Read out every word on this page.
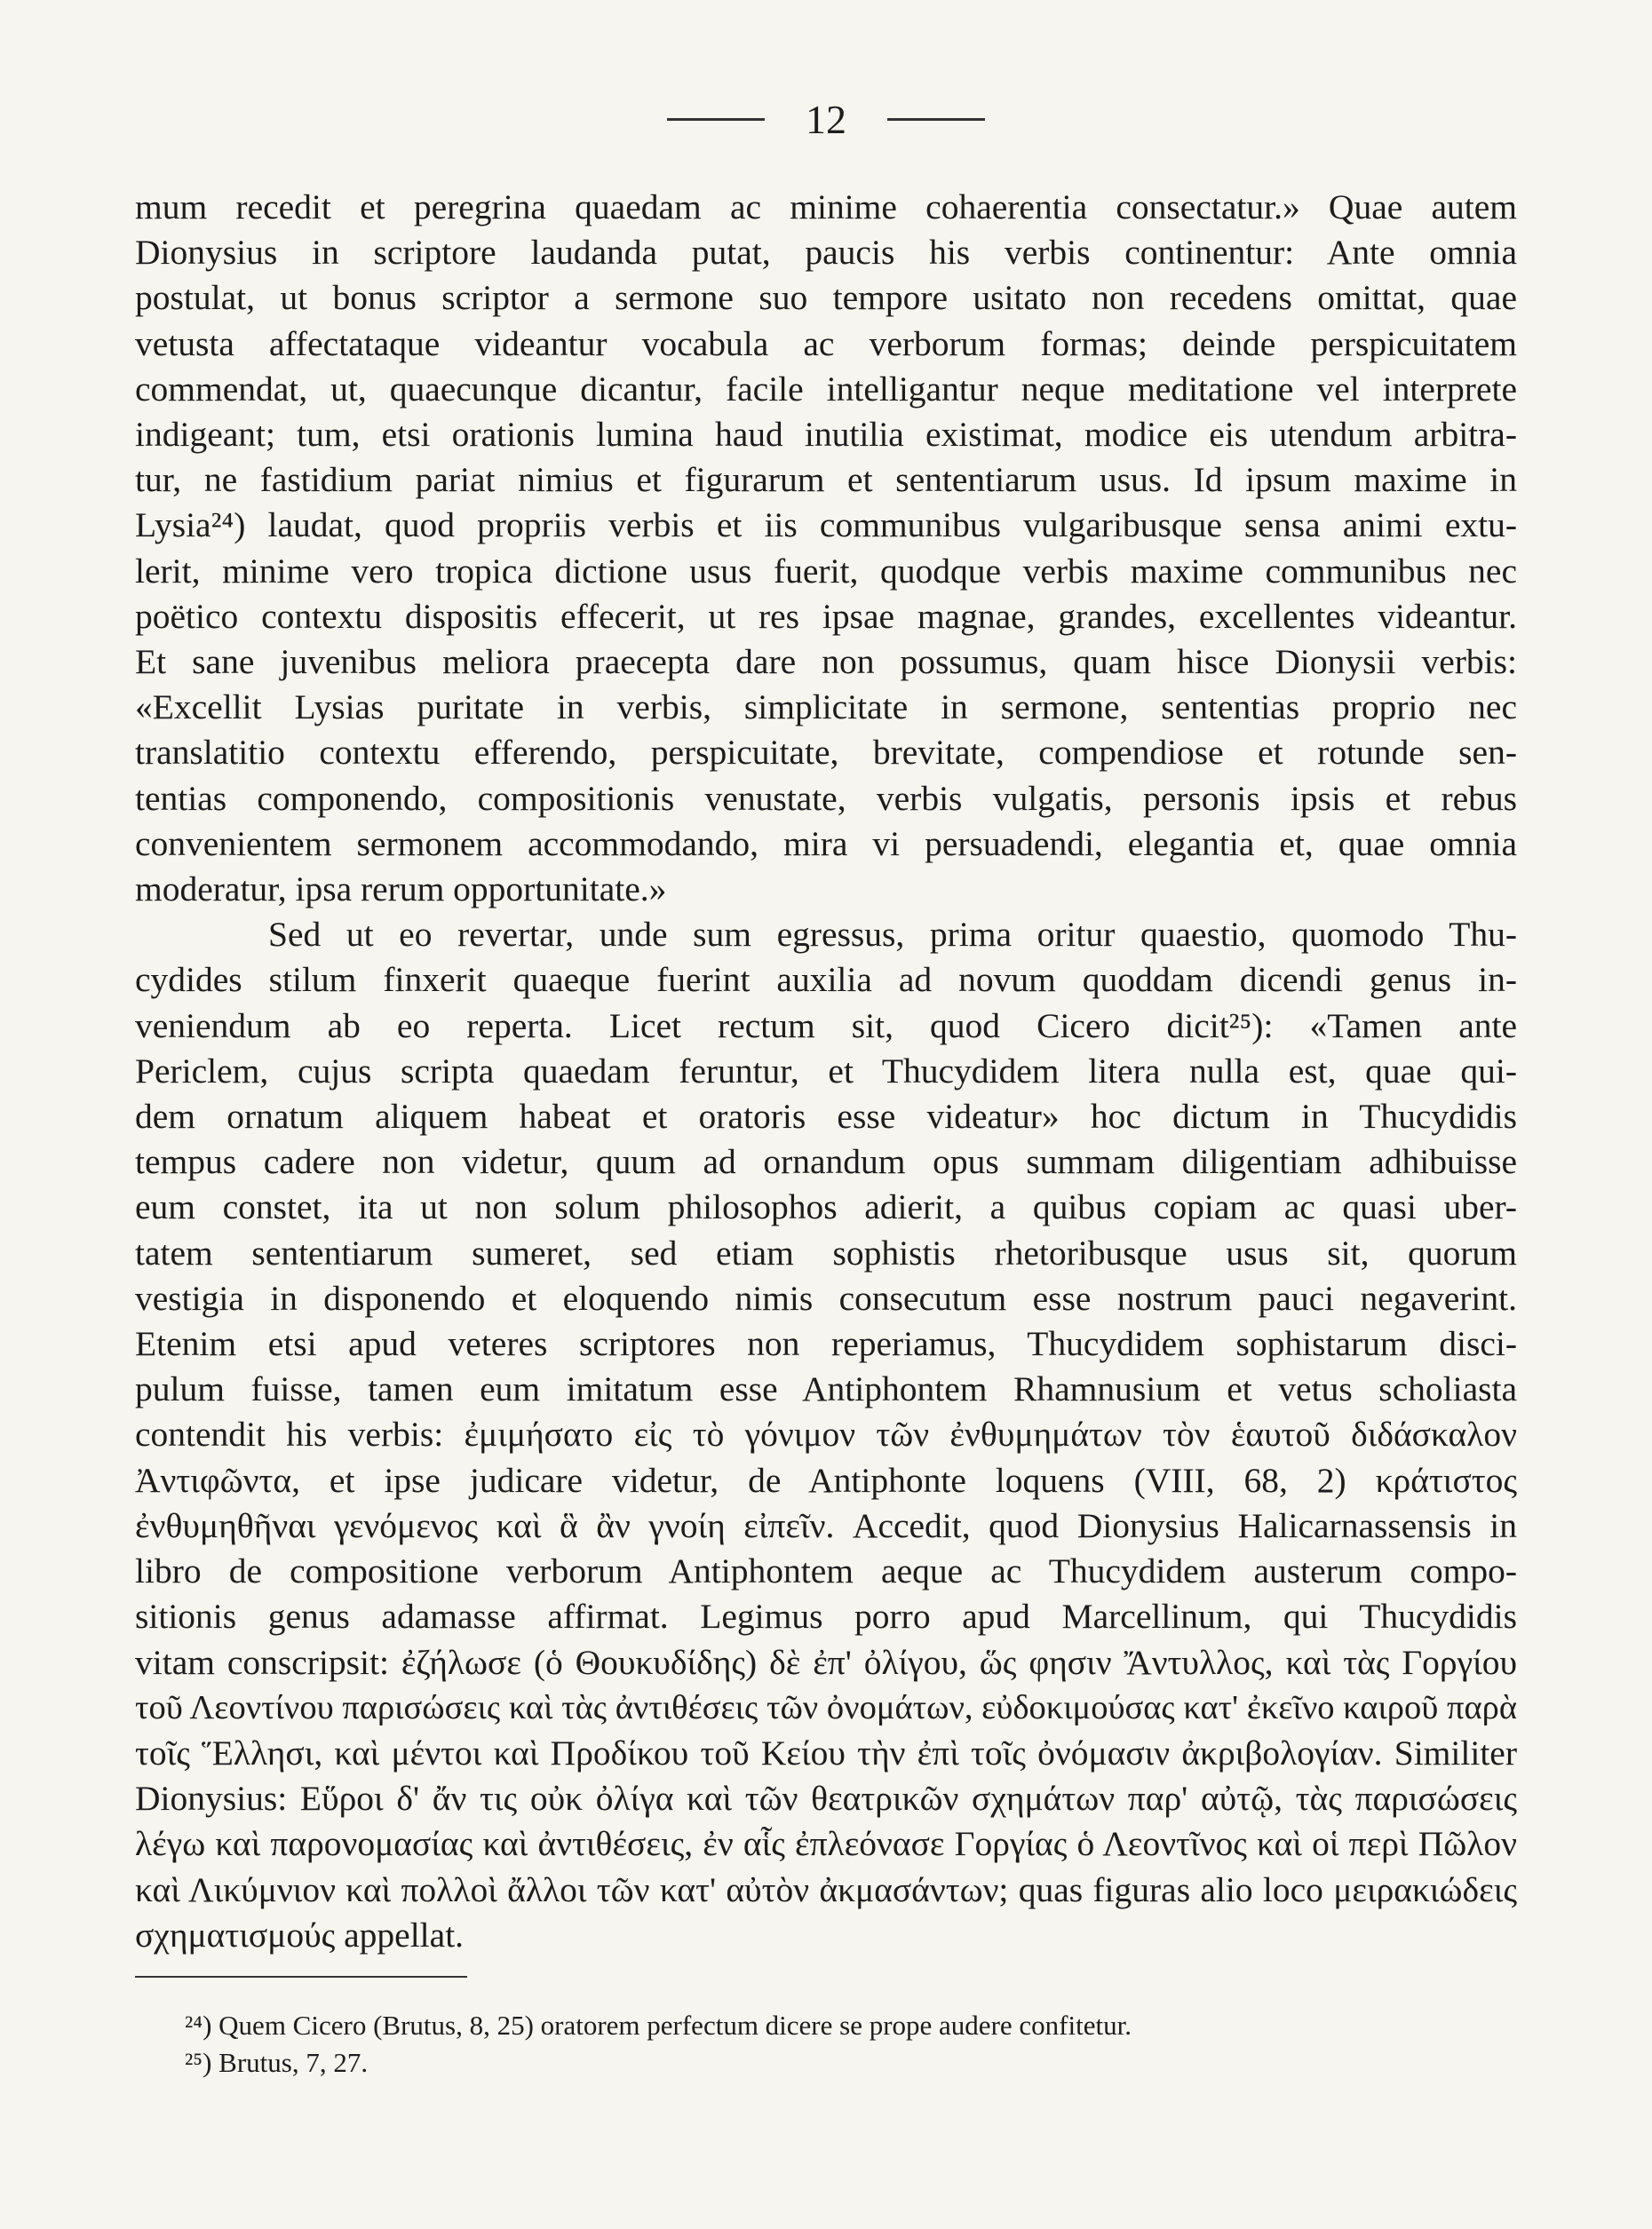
12
mum recedit et peregrina quaedam ac minime cohaerentia consectatur.» Quae autem
Dionysius in scriptore laudanda putat, paucis his verbis continentur: Ante omnia
postulat, ut bonus scriptor a sermone suo tempore usitato non recedens omittat, quae
vetusta affectataque videantur vocabula ac verborum formas; deinde perspicuitatem
commendat, ut, quaecunque dicantur, facile intelligantur neque meditatione vel interprete
indigeant; tum, etsi orationis lumina haud inutilia existimat, modice eis utendum arbitra-
tur, ne fastidium pariat nimius et figurarum et sententiarum usus. Id ipsum maxime in
Lysia²⁴) laudat, quod propriis verbis et iis communibus vulgaribusque sensa animi extu-
lerit, minime vero tropica dictione usus fuerit, quodque verbis maxime communibus nec
poëtico contextu dispositis effecerit, ut res ipsae magnae, grandes, excellentes videantur.
Et sane juvenibus meliora praecepta dare non possumus, quam hisce Dionysii verbis:
«Excellit Lysias puritate in verbis, simplicitate in sermone, sententias proprio nec
translatitio contextu efferendo, perspicuitate, brevitate, compendiose et rotunde sen-
tentias componendo, compositionis venustate, verbis vulgatis, personis ipsis et rebus
convenientem sermonem accommodando, mira vi persuadendi, elegantia et, quae omnia
moderatur, ipsa rerum opportunitate.»
Sed ut eo revertar, unde sum egressus, prima oritur quaestio, quomodo Thu-
cydides stilum finxerit quaeque fuerint auxilia ad novum quoddam dicendi genus in-
veniendum ab eo reperta. Licet rectum sit, quod Cicero dicit²⁵): «Tamen ante
Periclem, cujus scripta quaedam feruntur, et Thucydidem litera nulla est, quae qui-
dem ornatum aliquem habeat et oratoris esse videatur» hoc dictum in Thucydidis
tempus cadere non videtur, quum ad ornandum opus summam diligentiam adhibuisse
eum constet, ita ut non solum philosophos adierit, a quibus copiam ac quasi uber-
tatem sententiarum sumeret, sed etiam sophistis rhetoribusque usus sit, quorum
vestigia in disponendo et eloquendo nimis consecutum esse nostrum pauci negaverint.
Etenim etsi apud veteres scriptores non reperiamus, Thucydidem sophistarum disci-
pulum fuisse, tamen eum imitatum esse Antiphontem Rhamnusium et vetus scholiasta
contendit his verbis: ἐμιμήσατο εἰς τὸ γόνιμον τῶν ἐνθυμημάτων τὸν ἑαυτοῦ διδάσκαλον
Ἀντιφῶντα, et ipse judicare videtur, de Antiphonte loquens (VIII, 68, 2) κράτιστος
ἐνθυμηθῆναι γενόμενος καὶ ἃ ἂν γνοίη εἰπεῖν. Accedit, quod Dionysius Halicarnassensis in
libro de compositione verborum Antiphontem aeque ac Thucydidem austerum compo-
sitionis genus adamasse affirmat. Legimus porro apud Marcellinum, qui Thucydidis
vitam conscripsit: ἐζήλωσε (ὁ Θουκυδίδης) δὲ ἐπ' ὀλίγου, ὥς φησιν Ἄντυλλος, καὶ τὰς Γοργίου
τοῦ Λεοντίνου παρισώσεις καὶ τὰς ἀντιθέσεις τῶν ὀνομάτων, εὐδοκιμούσας κατ' ἐκεῖνο καιροῦ παρὰ
τοῖς Ἕλλησι, καὶ μέντοι καὶ Προδίκου τοῦ Κείου τὴν ἐπὶ τοῖς ὀνόμασιν ἀκριβολογίαν. Similiter
Dionysius: Εὕροι δ' ἄν τις οὐκ ὀλίγα καὶ τῶν θεατρικῶν σχημάτων παρ' αὐτῷ, τὰς παρισώσεις
λέγω καὶ παρονομασίας καὶ ἀντιθέσεις, ἐν αἷς ἐπλεόνασε Γοργίας ὁ Λεοντῖνος καὶ οἱ περὶ Πῶλον
καὶ Λικύμνιον καὶ πολλοὶ ἄλλοι τῶν κατ' αὐτὸν ἀκμασάντων; quas figuras alio loco μειρακιώδεις
σχηματισμούς appellat.
²⁴) Quem Cicero (Brutus, 8, 25) oratorem perfectum dicere se prope audere confitetur.
²⁵) Brutus, 7, 27.
